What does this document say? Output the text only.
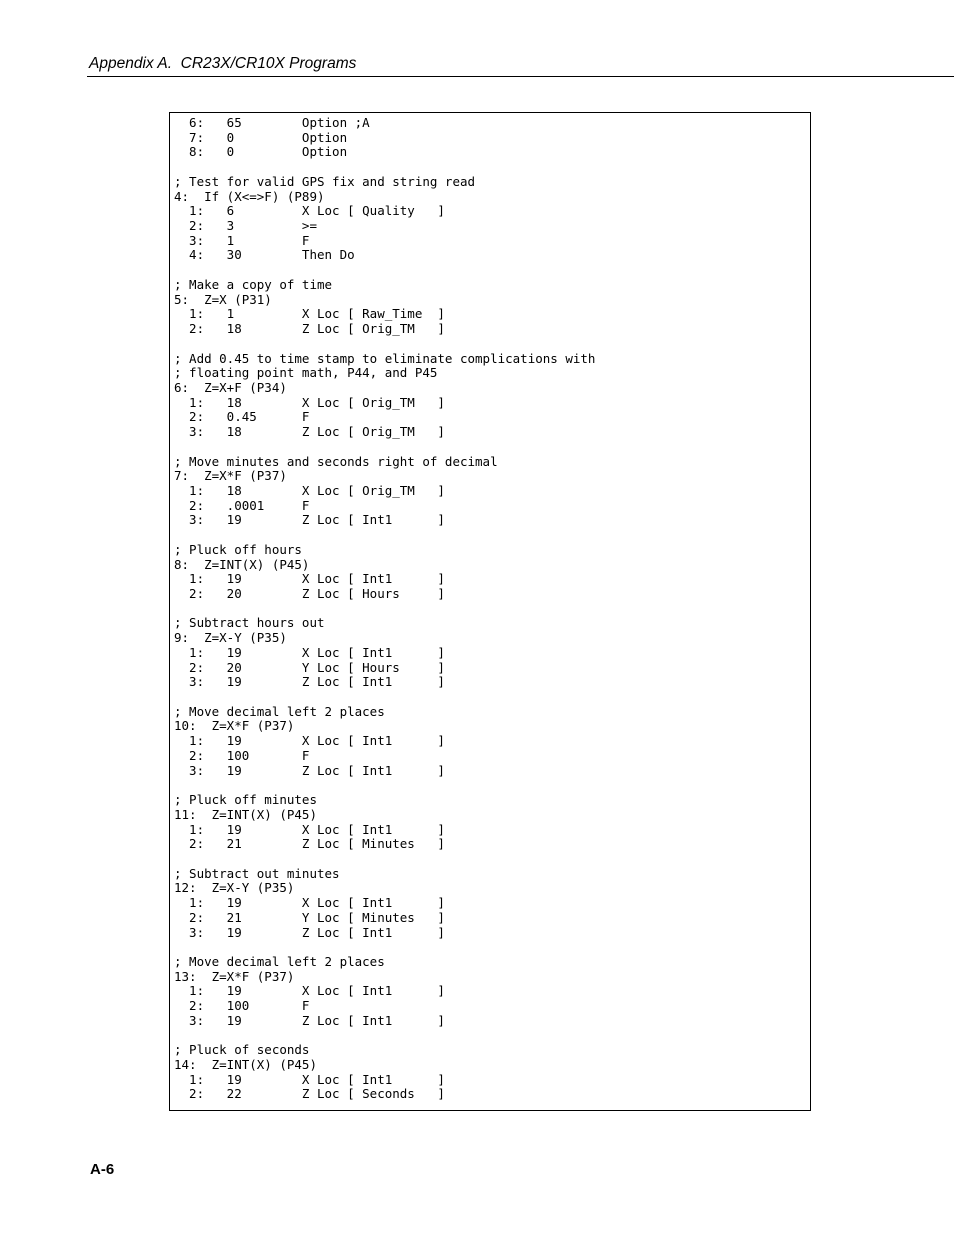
Appendix A.  CR23X/CR10X Programs
6:   65        Option ;A
7:   0         Option
8:   0         Option

; Test for valid GPS fix and string read
4:  If (X<=>F) (P89)
1:   6         X Loc [ Quality   ]
2:   3         >=
3:   1         F
4:   30        Then Do

; Make a copy of time
5:  Z=X (P31)
1:   1         X Loc [ Raw_Time  ]
2:   18        Z Loc [ Orig_TM   ]

; Add 0.45 to time stamp to eliminate complications with
; floating point math, P44, and P45
6:  Z=X+F (P34)
1:   18        X Loc [ Orig_TM   ]
2:   0.45      F
3:   18        Z Loc [ Orig_TM   ]

; Move minutes and seconds right of decimal
7:  Z=X*F (P37)
1:   18        X Loc [ Orig_TM   ]
2:   .0001     F
3:   19        Z Loc [ Int1      ]

; Pluck off hours
8:  Z=INT(X) (P45)
1:   19        X Loc [ Int1      ]
2:   20        Z Loc [ Hours     ]

; Subtract hours out
9:  Z=X-Y (P35)
1:   19        X Loc [ Int1      ]
2:   20        Y Loc [ Hours     ]
3:   19        Z Loc [ Int1      ]

; Move decimal left 2 places
10:  Z=X*F (P37)
1:   19        X Loc [ Int1      ]
2:   100       F
3:   19        Z Loc [ Int1      ]

; Pluck off minutes
11:  Z=INT(X) (P45)
1:   19        X Loc [ Int1      ]
2:   21        Z Loc [ Minutes   ]

; Subtract out minutes
12:  Z=X-Y (P35)
1:   19        X Loc [ Int1      ]
2:   21        Y Loc [ Minutes   ]
3:   19        Z Loc [ Int1      ]

; Move decimal left 2 places
13:  Z=X*F (P37)
1:   19        X Loc [ Int1      ]
2:   100       F
3:   19        Z Loc [ Int1      ]

; Pluck of seconds
14:  Z=INT(X) (P45)
1:   19        X Loc [ Int1      ]
2:   22        Z Loc [ Seconds   ]
A-6
